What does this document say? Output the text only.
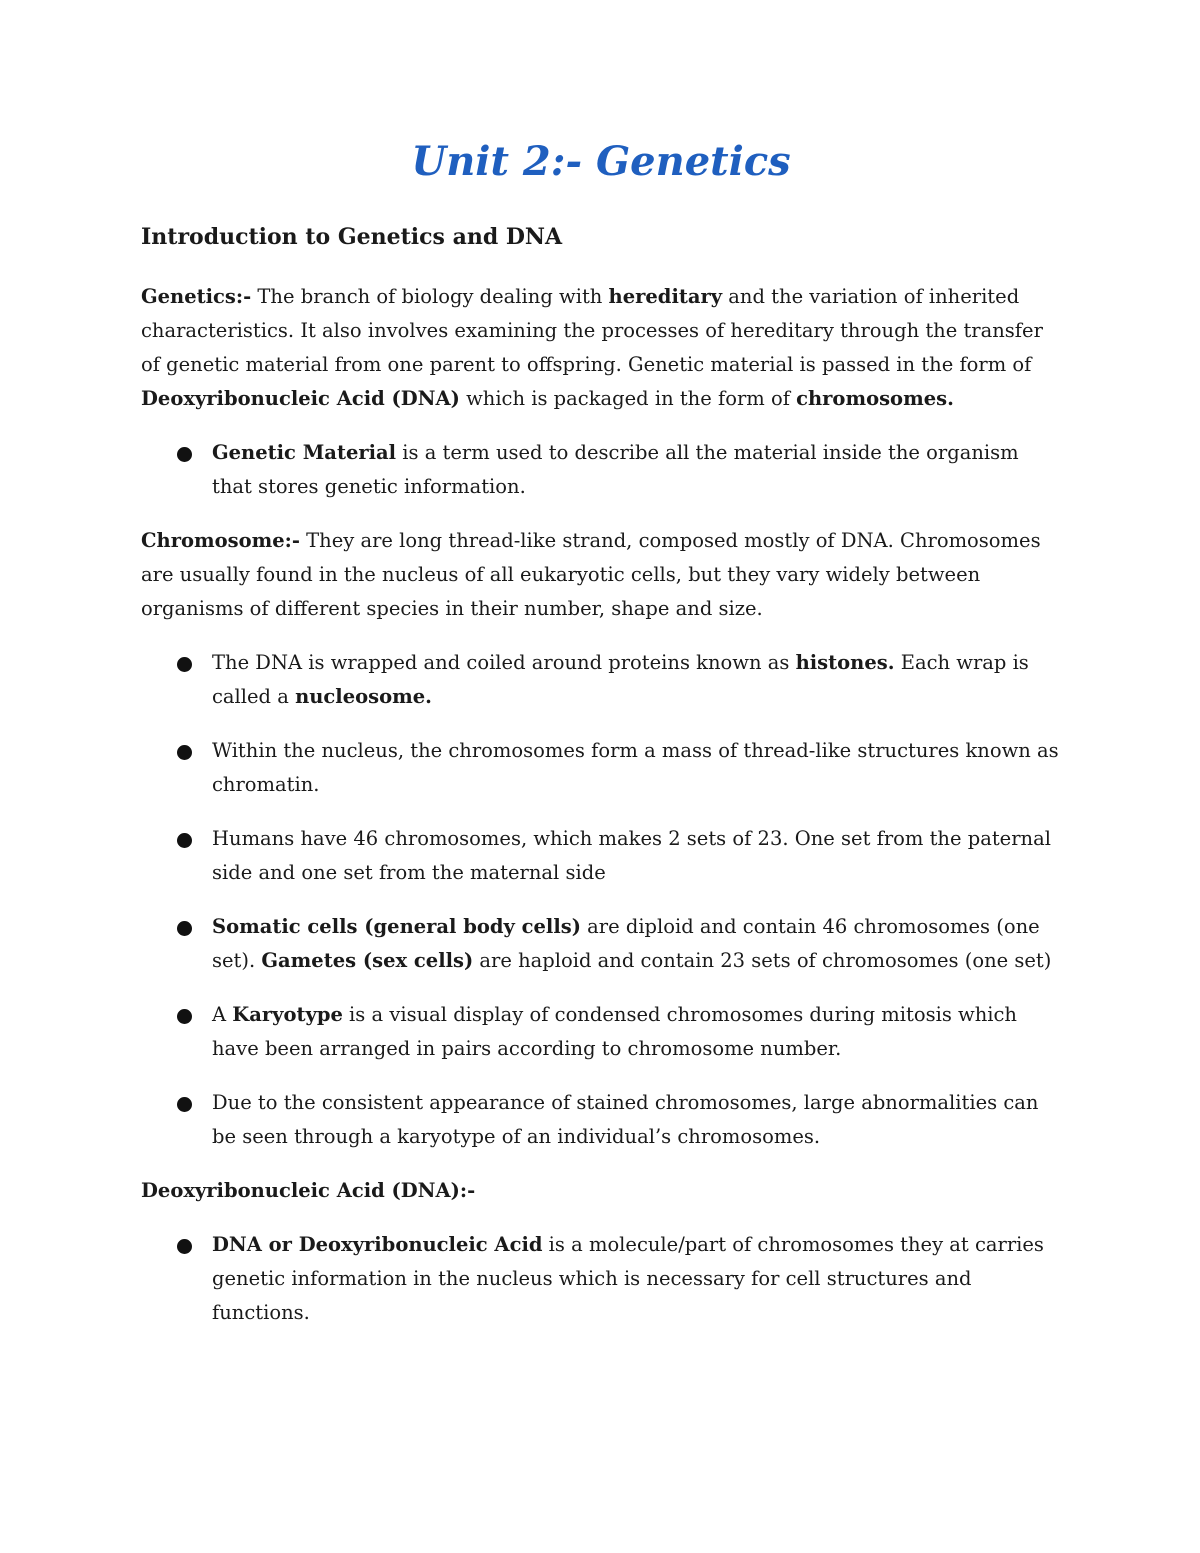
Unit 2:- Genetics
Introduction to Genetics and DNA

Genetics:- The branch of biology dealing with hereditary and the variation of inherited characteristics. It also involves examining the processes of hereditary through the transfer of genetic material from one parent to offspring. Genetic material is passed in the form of Deoxyribonucleic Acid (DNA) which is packaged in the form of chromosomes.

Genetic Material is a term used to describe all the material inside the organism that stores genetic information.

Chromosome:- They are long thread-like strand, composed mostly of DNA. Chromosomes are usually found in the nucleus of all eukaryotic cells, but they vary widely between organisms of different species in their number, shape and size.

The DNA is wrapped and coiled around proteins known as histones. Each wrap is called a nucleosome.
Within the nucleus, the chromosomes form a mass of thread-like structures known as chromatin.
Humans have 46 chromosomes, which makes 2 sets of 23. One set from the paternal side and one set from the maternal side
Somatic cells (general body cells) are diploid and contain 46 chromosomes (one set). Gametes (sex cells) are haploid and contain 23 sets of chromosomes (one set)
A Karyotype is a visual display of condensed chromosomes during mitosis which have been arranged in pairs according to chromosome number.
Due to the consistent appearance of stained chromosomes, large abnormalities can be seen through a karyotype of an individual’s chromosomes.
Deoxyribonucleic Acid (DNA):-
DNA or Deoxyribonucleic Acid is a molecule/part of chromosomes they at carries genetic information in the nucleus which is necessary for cell structures and functions.
